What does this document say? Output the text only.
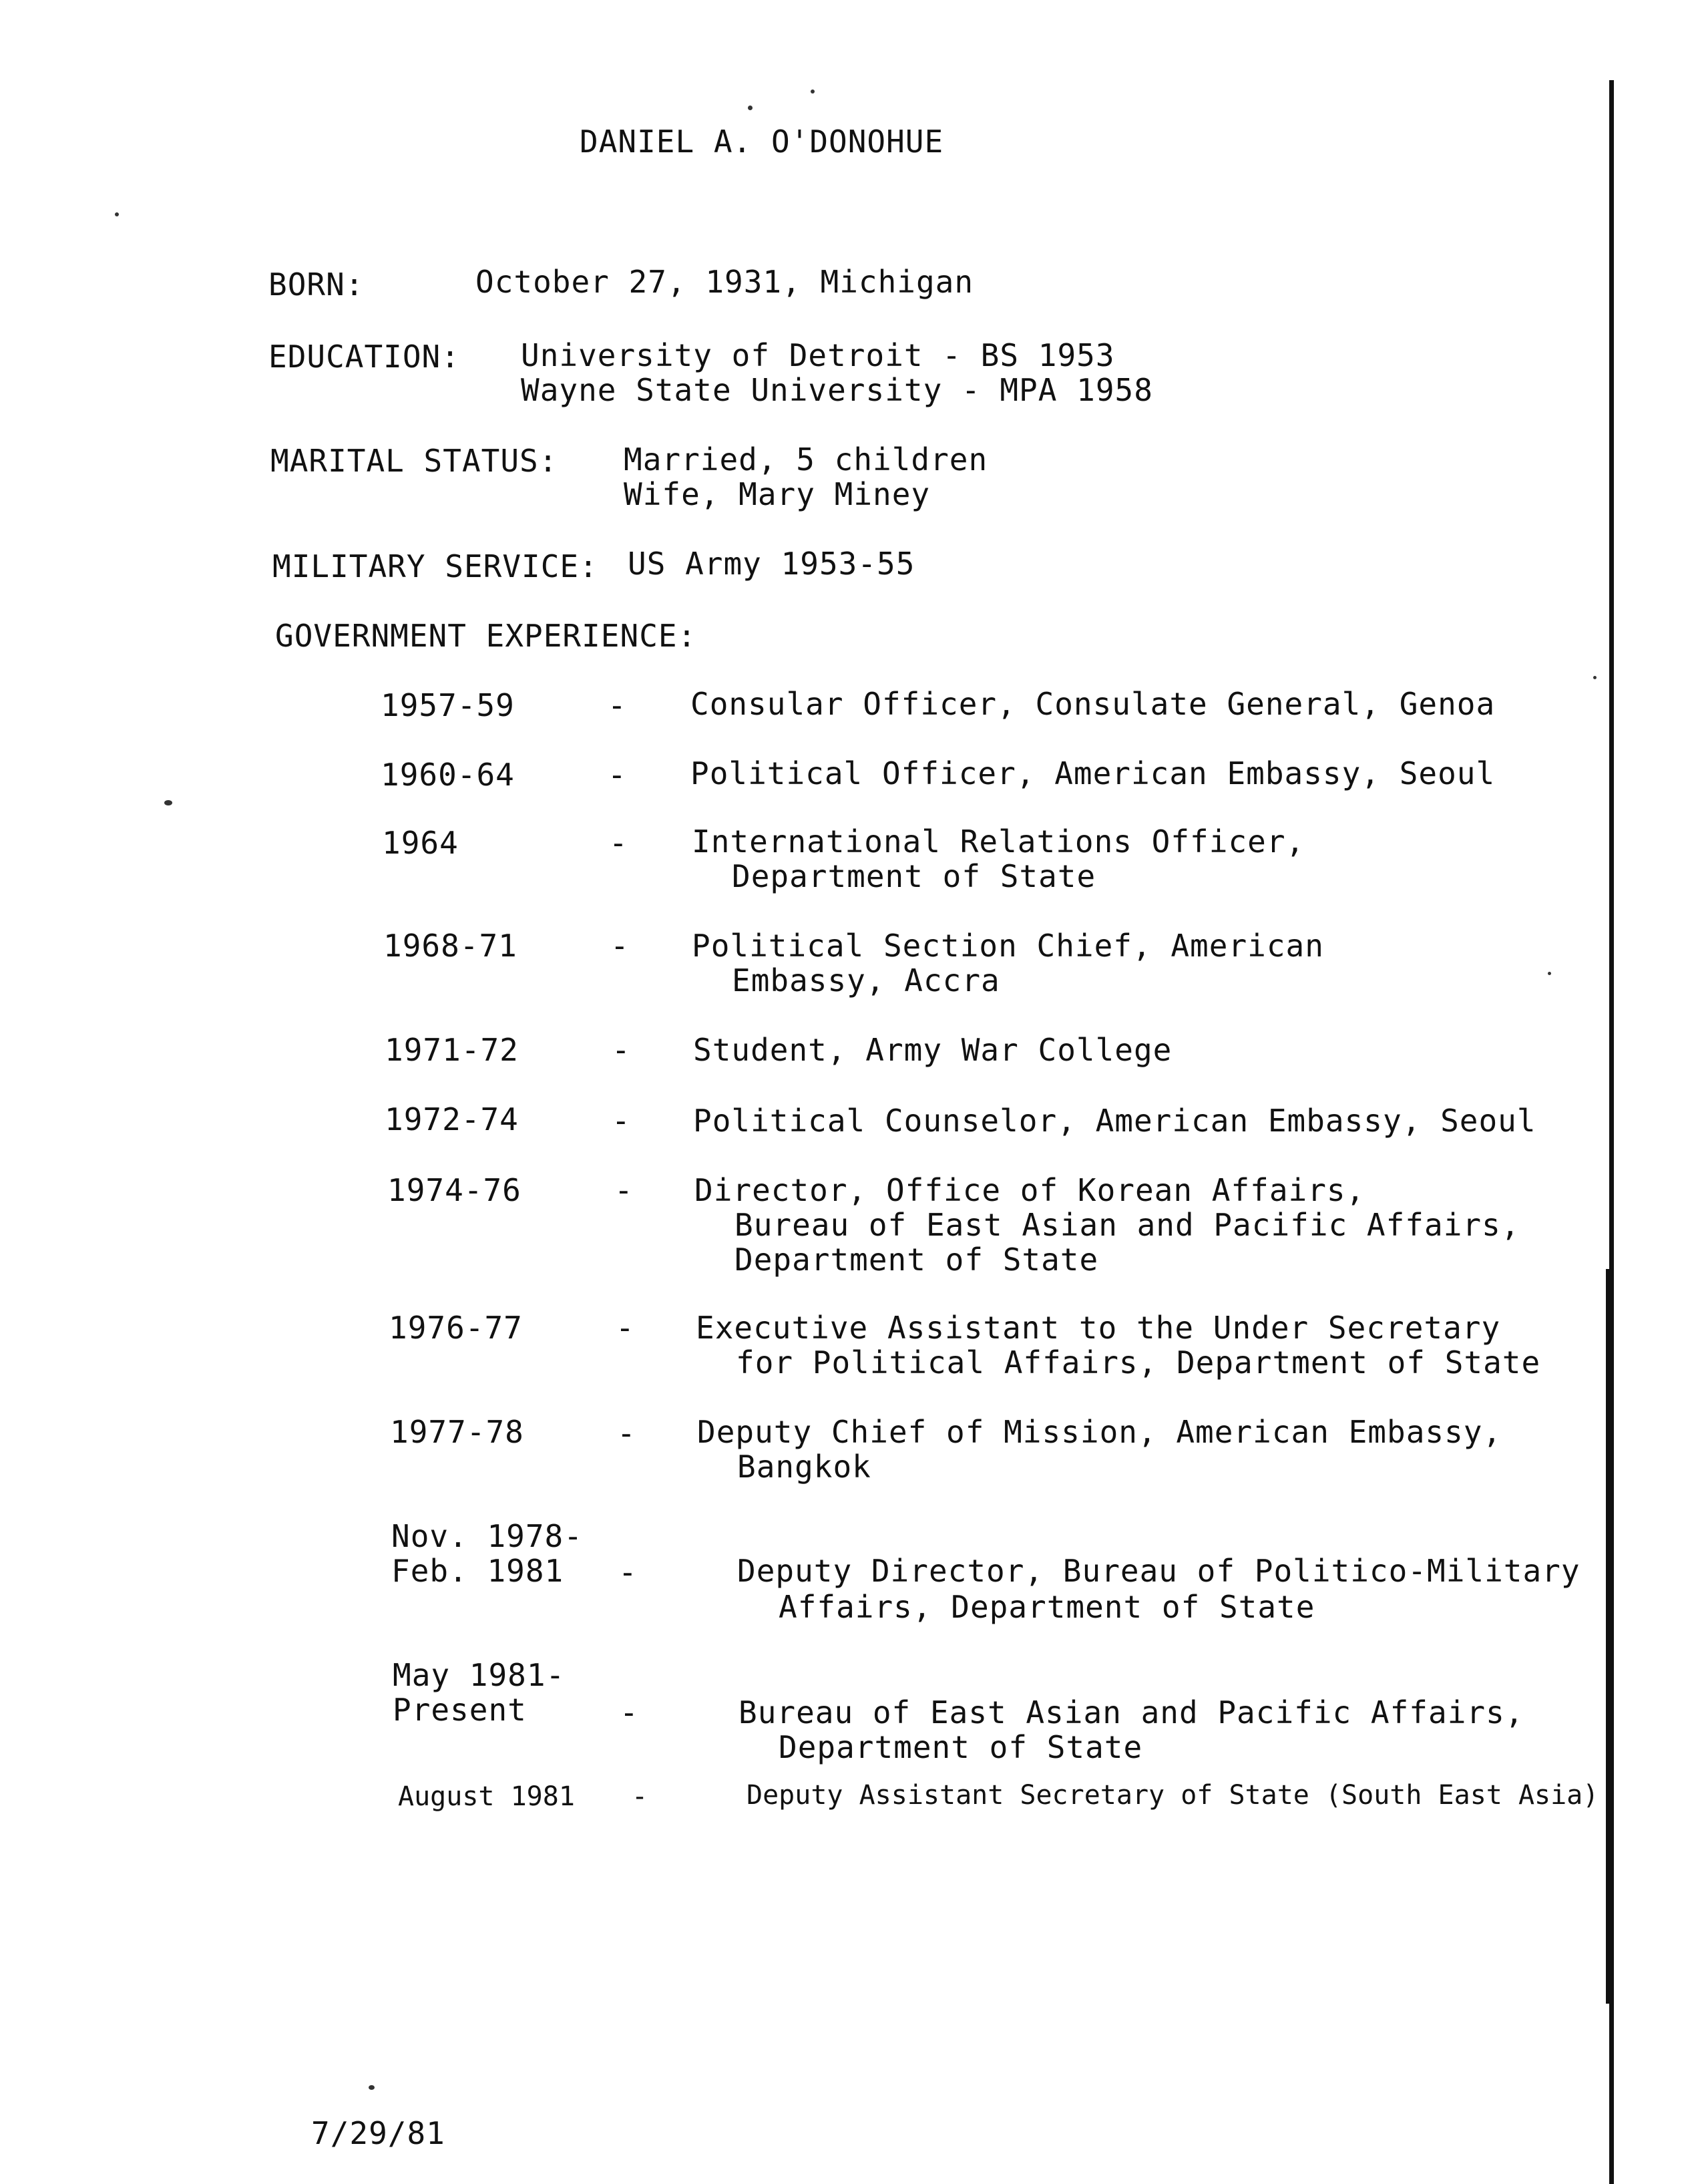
DANIEL A. O'DONOHUE
BORN:	October 27, 1931, Michigan
EDUCATION: University of Detroit - BS 1953
Wayne State University - MPA 1958
MARITAL STATUS: Married, 5 children
Wife, Mary Miney
MILITARY SERVICE: US Army 1953-55
GOVERNMENT EXPERIENCE:
1957-59	- Consular Officer, Consulate General, Genoa
1960-64	- Political Officer, American Embassy, Seoul
1964	- International Relations Officer,
Department of State
1968-71	- Political Section Chief, American
Embassy, Accra
1971-72	- Student, Army War College
1972-74	- Political Counselor, American Embassy, Seoul
1974-76	- Director, Office of Korean Affairs,
Bureau of East Asian and Pacific Affairs,
Department of State
1976-77	- Executive Assistant to the Under Secretary
for Political Affairs, Department of State
1977-78	- Deputy Chief of Mission, American Embassy,
Bangkok
Nov. 1978-
Feb. 1981 -	Deputy Director, Bureau of Politico-Military
Affairs, Department of State
May 1981-
Present	-	Bureau of East Asian and Pacific Affairs,
Department of State
August 1981 -	Deputy Assistant Secretary of State (South East Asia)
7/29/81
